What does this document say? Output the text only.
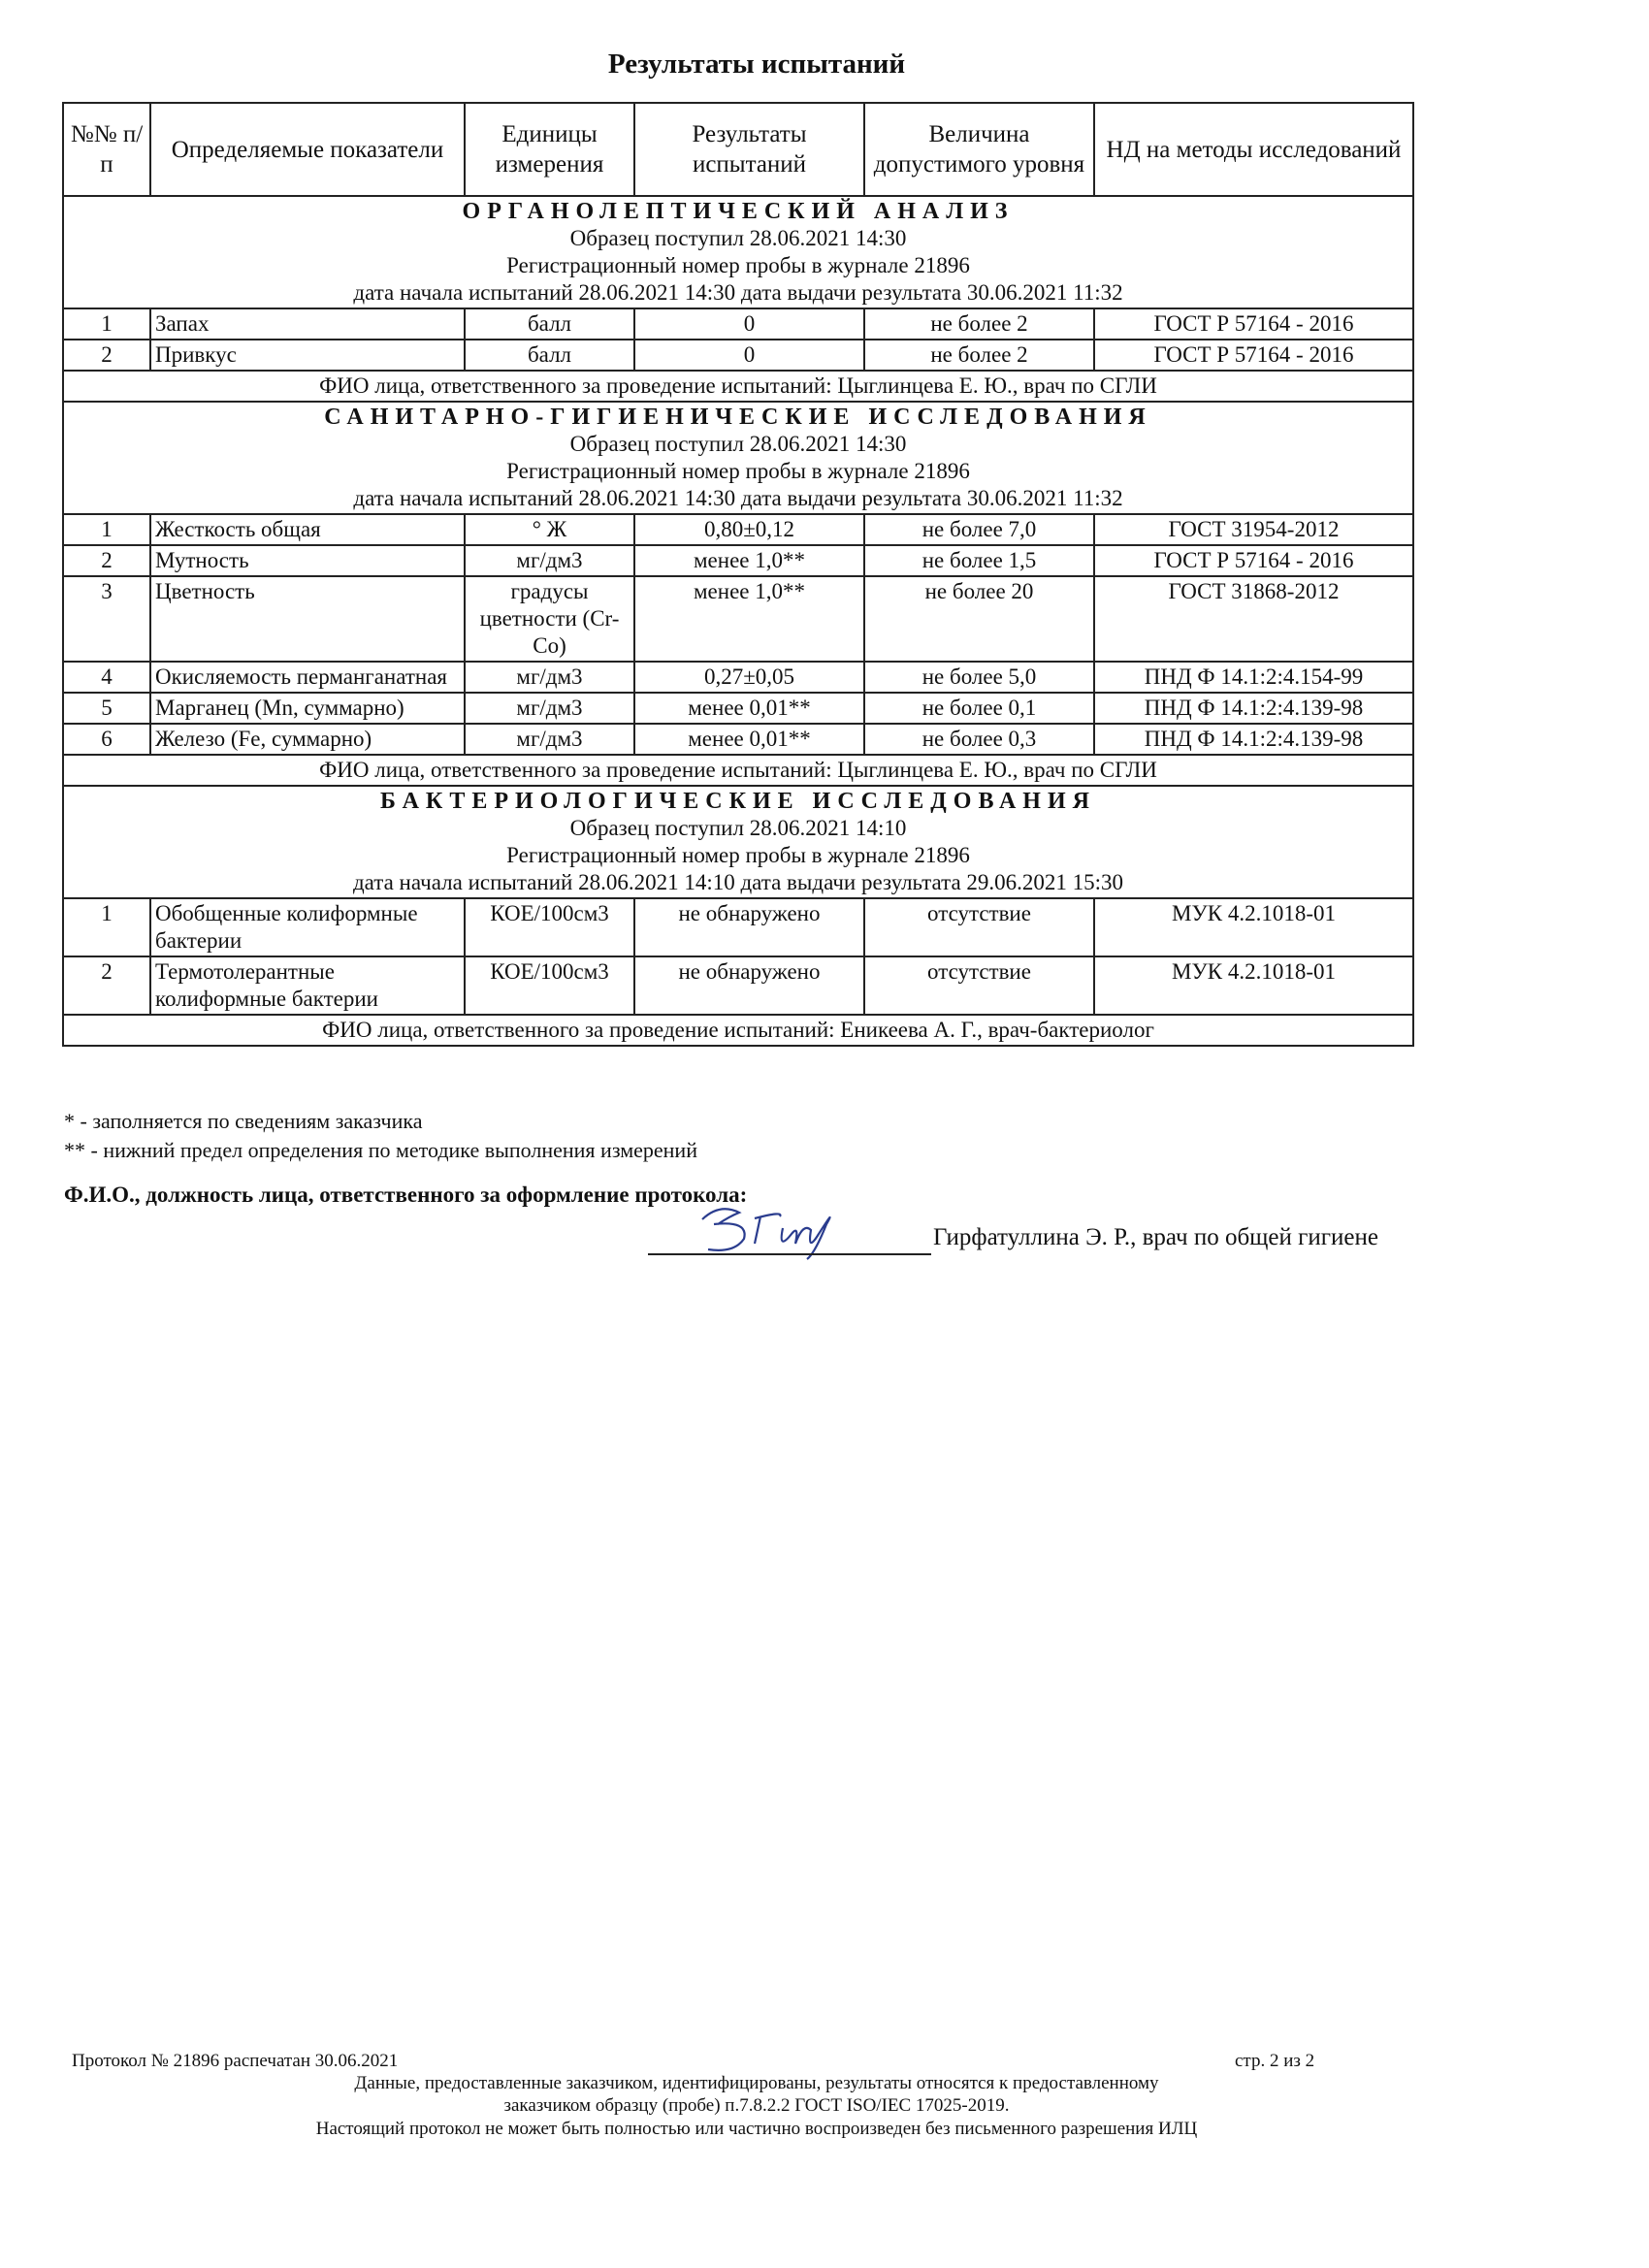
Результаты испытаний
№№ п/п	Определяемые показатели	Единицы измерения	Результаты испытаний	Величина допустимого уровня	НД на методы исследований

ОРГАНОЛЕПТИЧЕСКИЙ АНАЛИЗ
Образец поступил 28.06.2021 14:30
Регистрационный номер пробы в журнале 21896
дата начала испытаний 28.06.2021 14:30 дата выдачи результата 30.06.2021 11:32					

1	Запах	балл	0	не более 2	ГОСТ Р 57164 - 2016
2	Привкус	балл	0	не более 2	ГОСТ Р 57164 - 2016
ФИО лица, ответственного за проведение испытаний: Цыглинцева Е. Ю., врач по СГЛИ					

САНИТАРНО-ГИГИЕНИЧЕСКИЕ ИССЛЕДОВАНИЯ
Образец поступил 28.06.2021 14:30
Регистрационный номер пробы в журнале 21896
дата начала испытаний 28.06.2021 14:30 дата выдачи результата 30.06.2021 11:32					

1	Жесткость общая	° Ж	0,80±0,12	не более 7,0	ГОСТ 31954-2012
2	Мутность	мг/дм3	менее 1,0**	не более 1,5	ГОСТ Р 57164 - 2016
3	Цветность	градусы цветности (Cr-Co)	менее 1,0**	не более 20	ГОСТ 31868-2012
4	Окисляемость перманганатная	мг/дм3	0,27±0,05	не более 5,0	ПНД Ф 14.1:2:4.154-99
5	Марганец (Mn, суммарно)	мг/дм3	менее 0,01**	не более 0,1	ПНД Ф 14.1:2:4.139-98
6	Железо (Fe, суммарно)	мг/дм3	менее 0,01**	не более 0,3	ПНД Ф 14.1:2:4.139-98
ФИО лица, ответственного за проведение испытаний: Цыглинцева Е. Ю., врач по СГЛИ					

БАКТЕРИОЛОГИЧЕСКИЕ ИССЛЕДОВАНИЯ
Образец поступил 28.06.2021 14:10
Регистрационный номер пробы в журнале 21896
дата начала испытаний 28.06.2021 14:10 дата выдачи результата 29.06.2021 15:30					

1	Обобщенные колиформные бактерии	КОЕ/100см3	не обнаружено	отсутствие	МУК 4.2.1018-01
2	Термотолерантные колиформные бактерии	КОЕ/100см3	не обнаружено	отсутствие	МУК 4.2.1018-01
ФИО лица, ответственного за проведение испытаний: Еникеева А. Г., врач-бактериолог					
* - заполняется по сведениям заказчика
** - нижний предел определения по методике выполнения измерений
Ф.И.О., должность лица, ответственного за оформление протокола:
Гирфатуллина Э. Р., врач по общей гигиене
Протокол № 21896 распечатан 30.06.2021	стр. 2 из 2
Данные, предоставленные заказчиком, идентифицированы, результаты относятся к предоставленному
заказчиком образцу (пробе) п.7.8.2.2 ГОСТ ISO/IEC 17025-2019.
Настоящий протокол не может быть полностью или частично воспроизведен без письменного разрешения ИЛЦ
